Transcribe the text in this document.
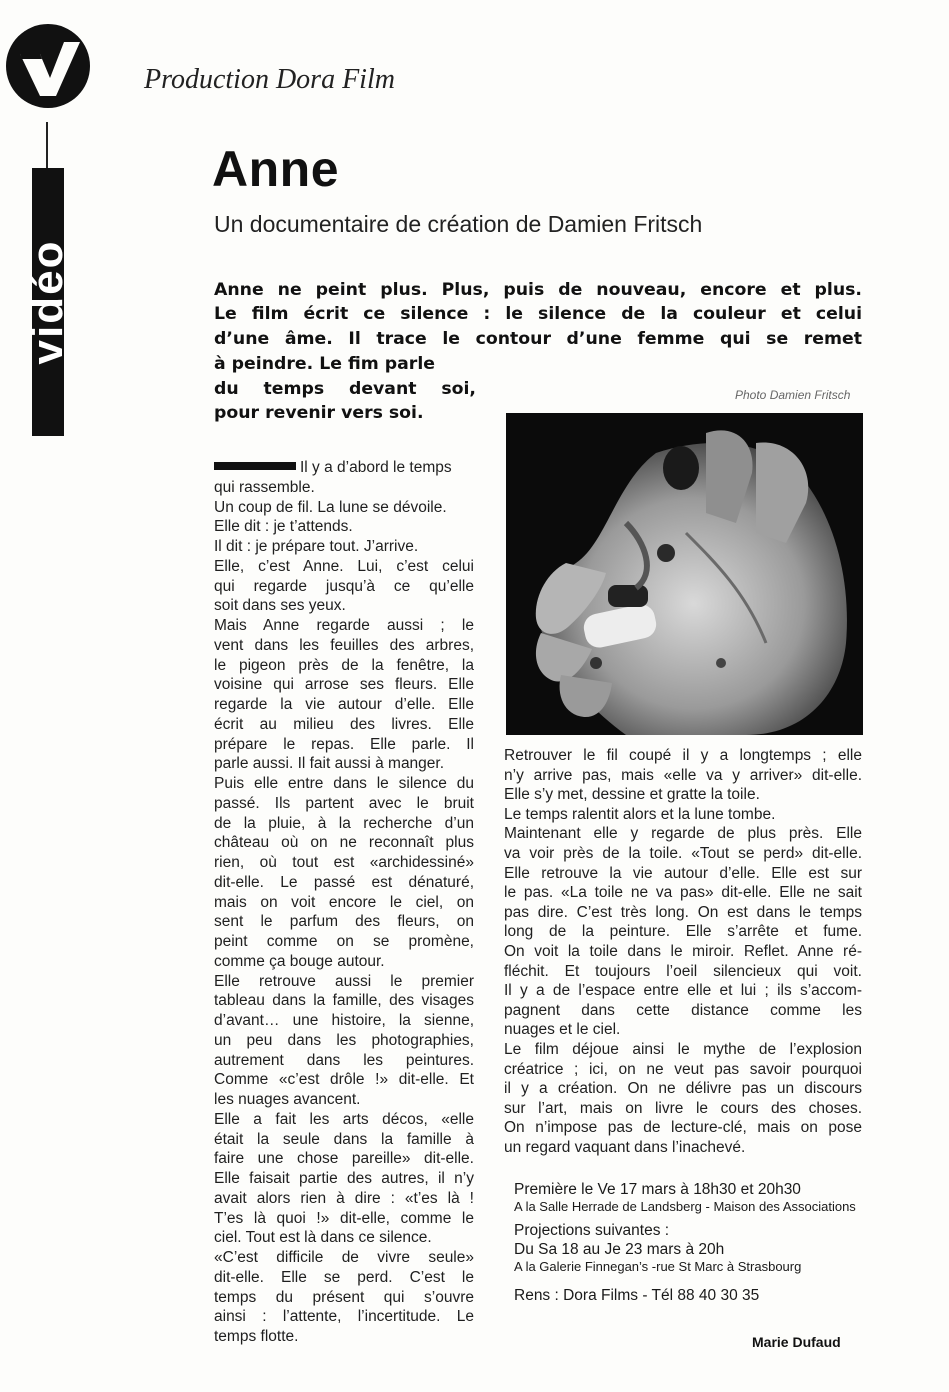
vidéo
Production Dora Film
Anne
Un documentaire de création de Damien Fritsch
Anne ne peint plus. Plus, puis de nouveau, encore et plus.
Le film écrit ce silence : le silence de la couleur et celui
d’une âme. Il trace le contour d’une femme qui se remet
à peindre. Le fim parle
du temps devant soi,
pour revenir vers soi.
Photo Damien Fritsch
Il y a d’abord le temps
qui rassemble.
Un coup de fil. La lune se dévoile.
Elle dit : je t’attends.
Il dit : je prépare tout. J’arrive.
Elle, c’est Anne. Lui, c’est celui
qui regarde jusqu’à ce qu’elle
soit dans ses yeux.
Mais Anne regarde aussi ; le
vent dans les feuilles des arbres,
le pigeon près de la fenêtre, la
voisine qui arrose ses fleurs. Elle
regarde la vie autour d’elle. Elle
écrit au milieu des livres. Elle
prépare le repas. Elle parle. Il
parle aussi. Il fait aussi à manger.
Puis elle entre dans le silence du
passé. Ils partent avec le bruit
de la pluie, à la recherche d’un
château où on ne reconnaît plus
rien, où tout est «archidessiné»
dit-elle. Le passé est dénaturé,
mais on voit encore le ciel, on
sent le parfum des fleurs, on
peint comme on se promène,
comme ça bouge autour.
Elle retrouve aussi le premier
tableau dans la famille, des visages
d’avant… une histoire, la sienne,
un peu dans les photographies,
autrement dans les peintures.
Comme «c’est drôle !» dit-elle. Et
les nuages avancent.
Elle a fait les arts décos, «elle
était la seule dans la famille à
faire une chose pareille» dit-elle.
Elle faisait partie des autres, il n’y
avait alors rien à dire : «t’es là !
T’es là quoi !» dit-elle, comme le
ciel. Tout est là dans ce silence.
«C’est difficile de vivre seule»
dit-elle. Elle se perd. C’est le
temps du présent qui s’ouvre
ainsi : l’attente, l’incertitude. Le
temps flotte.
Retrouver le fil coupé il y a longtemps ; elle
n’y arrive pas, mais «elle va y arriver» dit-elle.
Elle s’y met, dessine et gratte la toile.
Le temps ralentit alors et la lune tombe.
Maintenant elle y regarde de plus près. Elle
va voir près de la toile. «Tout se perd» dit-elle.
Elle retrouve la vie autour d’elle. Elle est sur
le pas. «La toile ne va pas» dit-elle. Elle ne sait
pas dire. C’est très long. On est dans le temps
long de la peinture. Elle s’arrête et fume.
On voit la toile dans le miroir. Reflet. Anne ré-
fléchit. Et toujours l’oeil silencieux qui voit.
Il y a de l’espace entre elle et lui ; ils s’accom-
pagnent dans cette distance comme les
nuages et le ciel.
Le film déjoue ainsi le mythe de l’explosion
créatrice ; ici, on ne veut pas savoir pourquoi
il y a création. On ne délivre pas un discours
sur l’art, mais on livre le cours des choses.
On n’impose pas de lecture-clé, mais on pose
un regard vaquant dans l’inachevé.
Première le Ve 17 mars à 18h30 et 20h30
A la Salle Herrade de Landsberg - Maison des Associations
Projections suivantes :
Du Sa 18 au Je 23 mars à 20h
A la Galerie Finnegan’s -rue St Marc à Strasbourg
Rens : Dora Films - Tél 88 40 30 35
Marie Dufaud
